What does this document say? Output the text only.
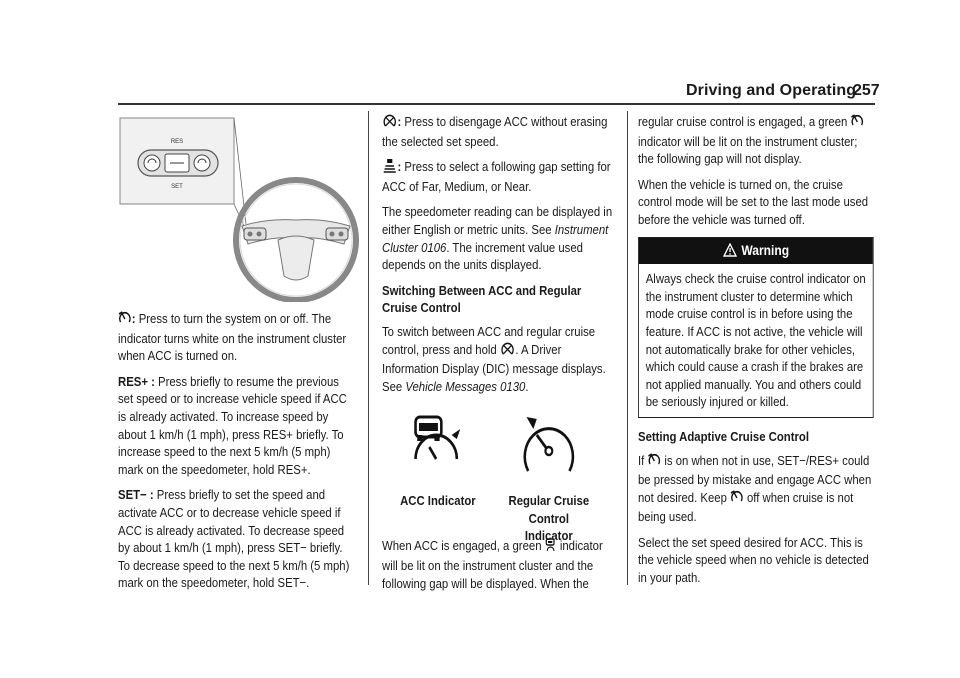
Driving and Operating
257
RES
SET

: Press to turn the system on or off. The indicator turns white on the instrument cluster when ACC is turned on.

RES+ : Press briefly to resume the previous set speed or to increase vehicle speed if ACC is already activated. To increase speed by about 1 km/h (1 mph), press RES+ briefly. To increase speed to the next 5 km/h (5 mph) mark on the speedometer, hold RES+.

SET− : Press briefly to set the speed and activate ACC or to decrease vehicle speed if ACC is already activated. To decrease speed by about 1 km/h (1 mph), press SET− briefly. To decrease speed to the next 5 km/h (5 mph) mark on the speedometer, hold SET−.

: Press to disengage ACC without erasing the selected set speed.

: Press to select a following gap setting for ACC of Far, Medium, or Near.

The speedometer reading can be displayed in either English or metric units. See Instrument Cluster 0106. The increment value used depends on the units displayed.

Switching Between ACC and Regular Cruise Control

To switch between ACC and regular cruise control, press and hold . A Driver Information Display (DIC) message displays. See Vehicle Messages 0130.

ACC Indicator	Regular Cruise Control
Indicator

When ACC is engaged, a green  indicator will be lit on the instrument cluster and the following gap will be displayed. When the

regular cruise control is engaged, a green  indicator will be lit on the instrument cluster; the following gap will not display.

When the vehicle is turned on, the cruise control mode will be set to the last mode used before the vehicle was turned off.

Warning
Always check the cruise control indicator on the instrument cluster to determine which mode cruise control is in before using the feature. If ACC is not active, the vehicle will not automatically brake for other vehicles, which could cause a crash if the brakes are not applied manually. You and others could be seriously injured or killed.

Setting Adaptive Cruise Control

If  is on when not in use, SET−/RES+ could be pressed by mistake and engage ACC when not desired. Keep  off when cruise is not being used.

Select the set speed desired for ACC. This is the vehicle speed when no vehicle is detected in your path.
